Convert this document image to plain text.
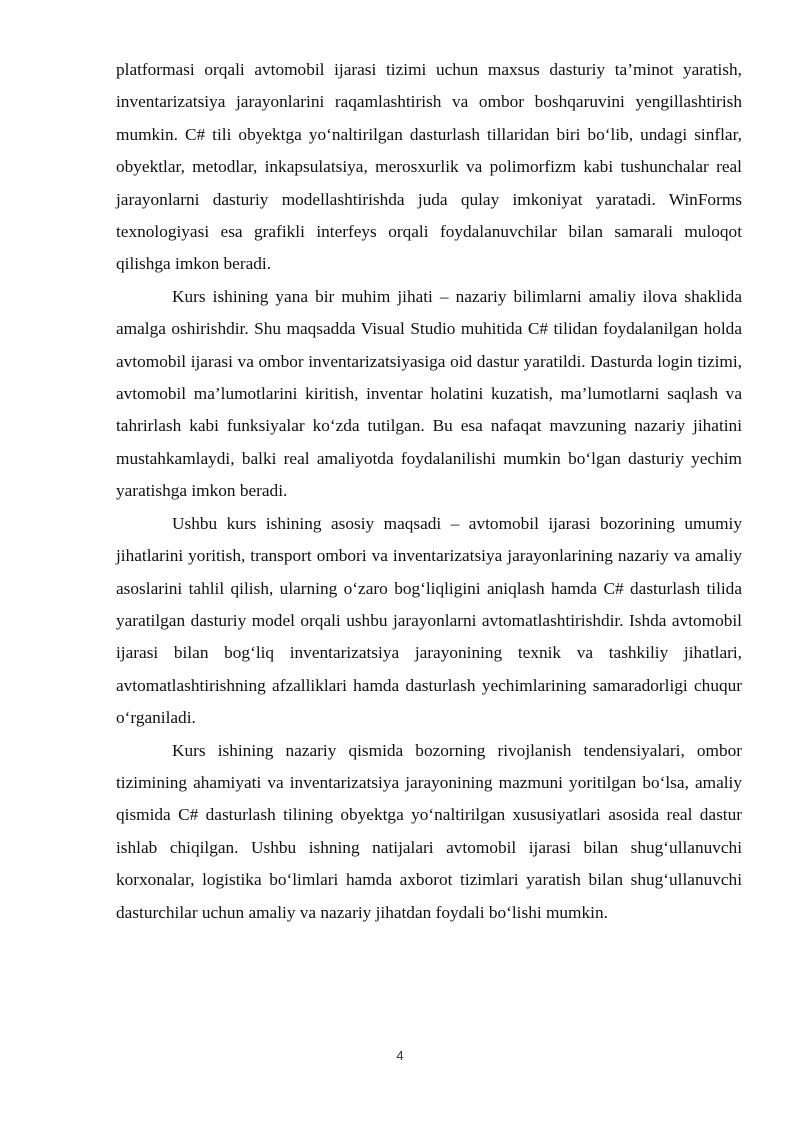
platformasi orqali avtomobil ijarasi tizimi uchun maxsus dasturiy ta’minot yaratish, inventarizatsiya jarayonlarini raqamlashtirish va ombor boshqaruvini yengillashtirish mumkin. C# tili obyektga yo‘naltirilgan dasturlash tillaridan biri bo‘lib, undagi sinflar, obyektlar, metodlar, inkapsulatsiya, merosxurlik va polimorfizm kabi tushunchalar real jarayonlarni dasturiy modellashtirishda juda qulay imkoniyat yaratadi. WinForms texnologiyasi esa grafikli interfeys orqali foydalanuvchilar bilan samarali muloqot qilishga imkon beradi.

Kurs ishining yana bir muhim jihati – nazariy bilimlarni amaliy ilova shaklida amalga oshirishdir. Shu maqsadda Visual Studio muhitida C# tilidan foydalanilgan holda avtomobil ijarasi va ombor inventarizatsiyasiga oid dastur yaratildi. Dasturda login tizimi, avtomobil ma’lumotlarini kiritish, inventar holatini kuzatish, ma’lumotlarni saqlash va tahrirlash kabi funksiyalar ko‘zda tutilgan. Bu esa nafaqat mavzuning nazariy jihatini mustahkamlaydi, balki real amaliyotda foydalanilishi mumkin bo‘lgan dasturiy yechim yaratishga imkon beradi.

Ushbu kurs ishining asosiy maqsadi – avtomobil ijarasi bozorining umumiy jihatlarini yoritish, transport ombori va inventarizatsiya jarayonlarining nazariy va amaliy asoslarini tahlil qilish, ularning o‘zaro bog‘liqligini aniqlash hamda C# dasturlash tilida yaratilgan dasturiy model orqali ushbu jarayonlarni avtomatlashtirishdir. Ishda avtomobil ijarasi bilan bog‘liq inventarizatsiya jarayonining texnik va tashkiliy jihatlari, avtomatlashtirishning afzalliklari hamda dasturlash yechimlarining samaradorligi chuqur o‘rganiladi.

Kurs ishining nazariy qismida bozorning rivojlanish tendensiyalari, ombor tizimining ahamiyati va inventarizatsiya jarayonining mazmuni yoritilgan bo‘lsa, amaliy qismida C# dasturlash tilining obyektga yo‘naltirilgan xususiyatlari asosida real dastur ishlab chiqilgan. Ushbu ishning natijalari avtomobil ijarasi bilan shug‘ullanuvchi korxonalar, logistika bo‘limlari hamda axborot tizimlari yaratish bilan shug‘ullanuvchi dasturchilar uchun amaliy va nazariy jihatdan foydali bo‘lishi mumkin.

4
